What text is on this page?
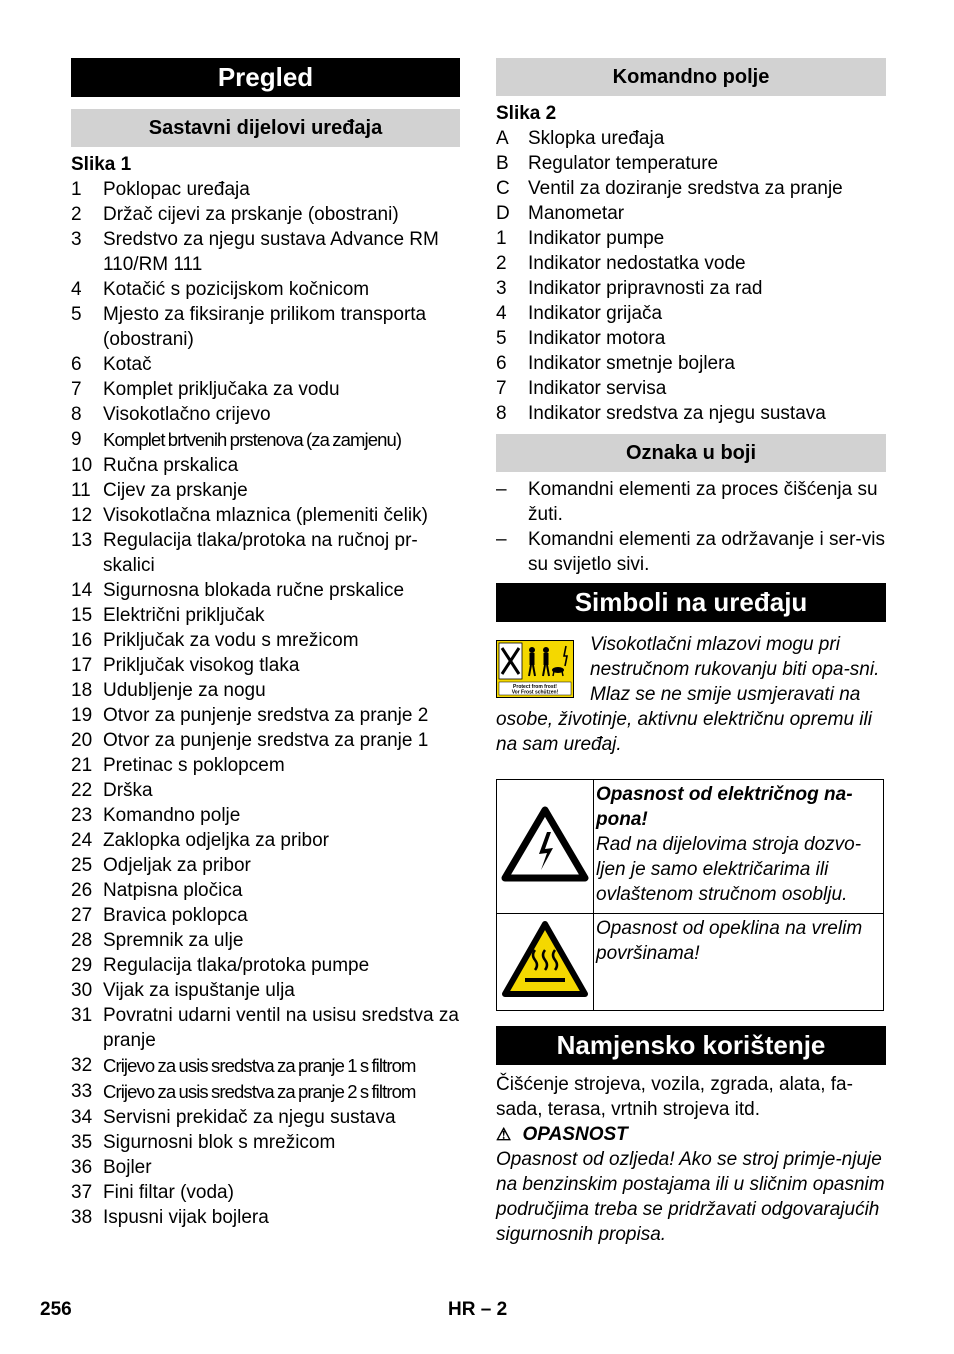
Pregled
Sastavni dijelovi uređaja
Slika 1
1 Poklopac uređaja
2 Držač cijevi za prskanje (obostrani)
3 Sredstvo za njegu sustava Advance RM 110/RM 111
4 Kotačić s pozicijskom kočnicom
5 Mjesto za fiksiranje prilikom transporta (obostrani)
6 Kotač
7 Komplet priključaka za vodu
8 Visokotlačno crijevo
9 Komplet brtvenih prstenova (za zamjenu)
10 Ručna prskalica
11 Cijev za prskanje
12 Visokotlačna mlaznica (plemeniti čelik)
13 Regulacija tlaka/protoka na ručnoj pr-skalici
14 Sigurnosna blokada ručne prskalice
15 Električni priključak
16 Priključak za vodu s mrežicom
17 Priključak visokog tlaka
18 Udubljenje za nogu
19 Otvor za punjenje sredstva za pranje 2
20 Otvor za punjenje sredstva za pranje 1
21 Pretinac s poklopcem
22 Drška
23 Komandno polje
24 Zaklopka odjeljka za pribor
25 Odjeljak za pribor
26 Natpisna pločica
27 Bravica poklopca
28 Spremnik za ulje
29 Regulacija tlaka/protoka pumpe
30 Vijak za ispuštanje ulja
31 Povratni udarni ventil na usisu sredstva za pranje
32 Crijevo za usis sredstva za pranje 1 s filtrom
33 Crijevo za usis sredstva za pranje 2 s filtrom
34 Servisni prekidač za njegu sustava
35 Sigurnosni blok s mrežicom
36 Bojler
37 Fini filtar (voda)
38 Ispusni vijak bojlera
Komandno polje
Slika 2
A Sklopka uređaja
B Regulator temperature
C Ventil za doziranje sredstva za pranje
D Manometar
1 Indikator pumpe
2 Indikator nedostatka vode
3 Indikator pripravnosti za rad
4 Indikator grijača
5 Indikator motora
6 Indikator smetnje bojlera
7 Indikator servisa
8 Indikator sredstva za njegu sustava
Oznaka u boji
– Komandni elementi za proces čišćenja su žuti.
– Komandni elementi za održavanje i ser-vis su svijetlo sivi.
Simboli na uređaju
Protect from frost!
Vor Frost schützen!

Visokotlačni mlazovi mogu pri nestručnom rukovanju biti opa-sni. Mlaz se ne smije usmjeravati na osobe, životinje, aktivnu električnu opremu ili na sam uređaj.

Opasnost od električnog na-pona!
Rad na dijelovima stroja dozvo-ljen je samo električarima ili ovlaštenom stručnom osoblju.

Opasnost od opeklina na vrelim površinama!
Namjensko korištenje

Čišćenje strojeva, vozila, zgrada, alata, fa-sada, terasa, vrtnih strojeva itd.

⚠ OPASNOST

Opasnost od ozljeda! Ako se stroj primje-njuje na benzinskim postajama ili u sličnim opasnim područjima treba se pridržavati odgovarajućih sigurnosnih propisa.

256	HR – 2
